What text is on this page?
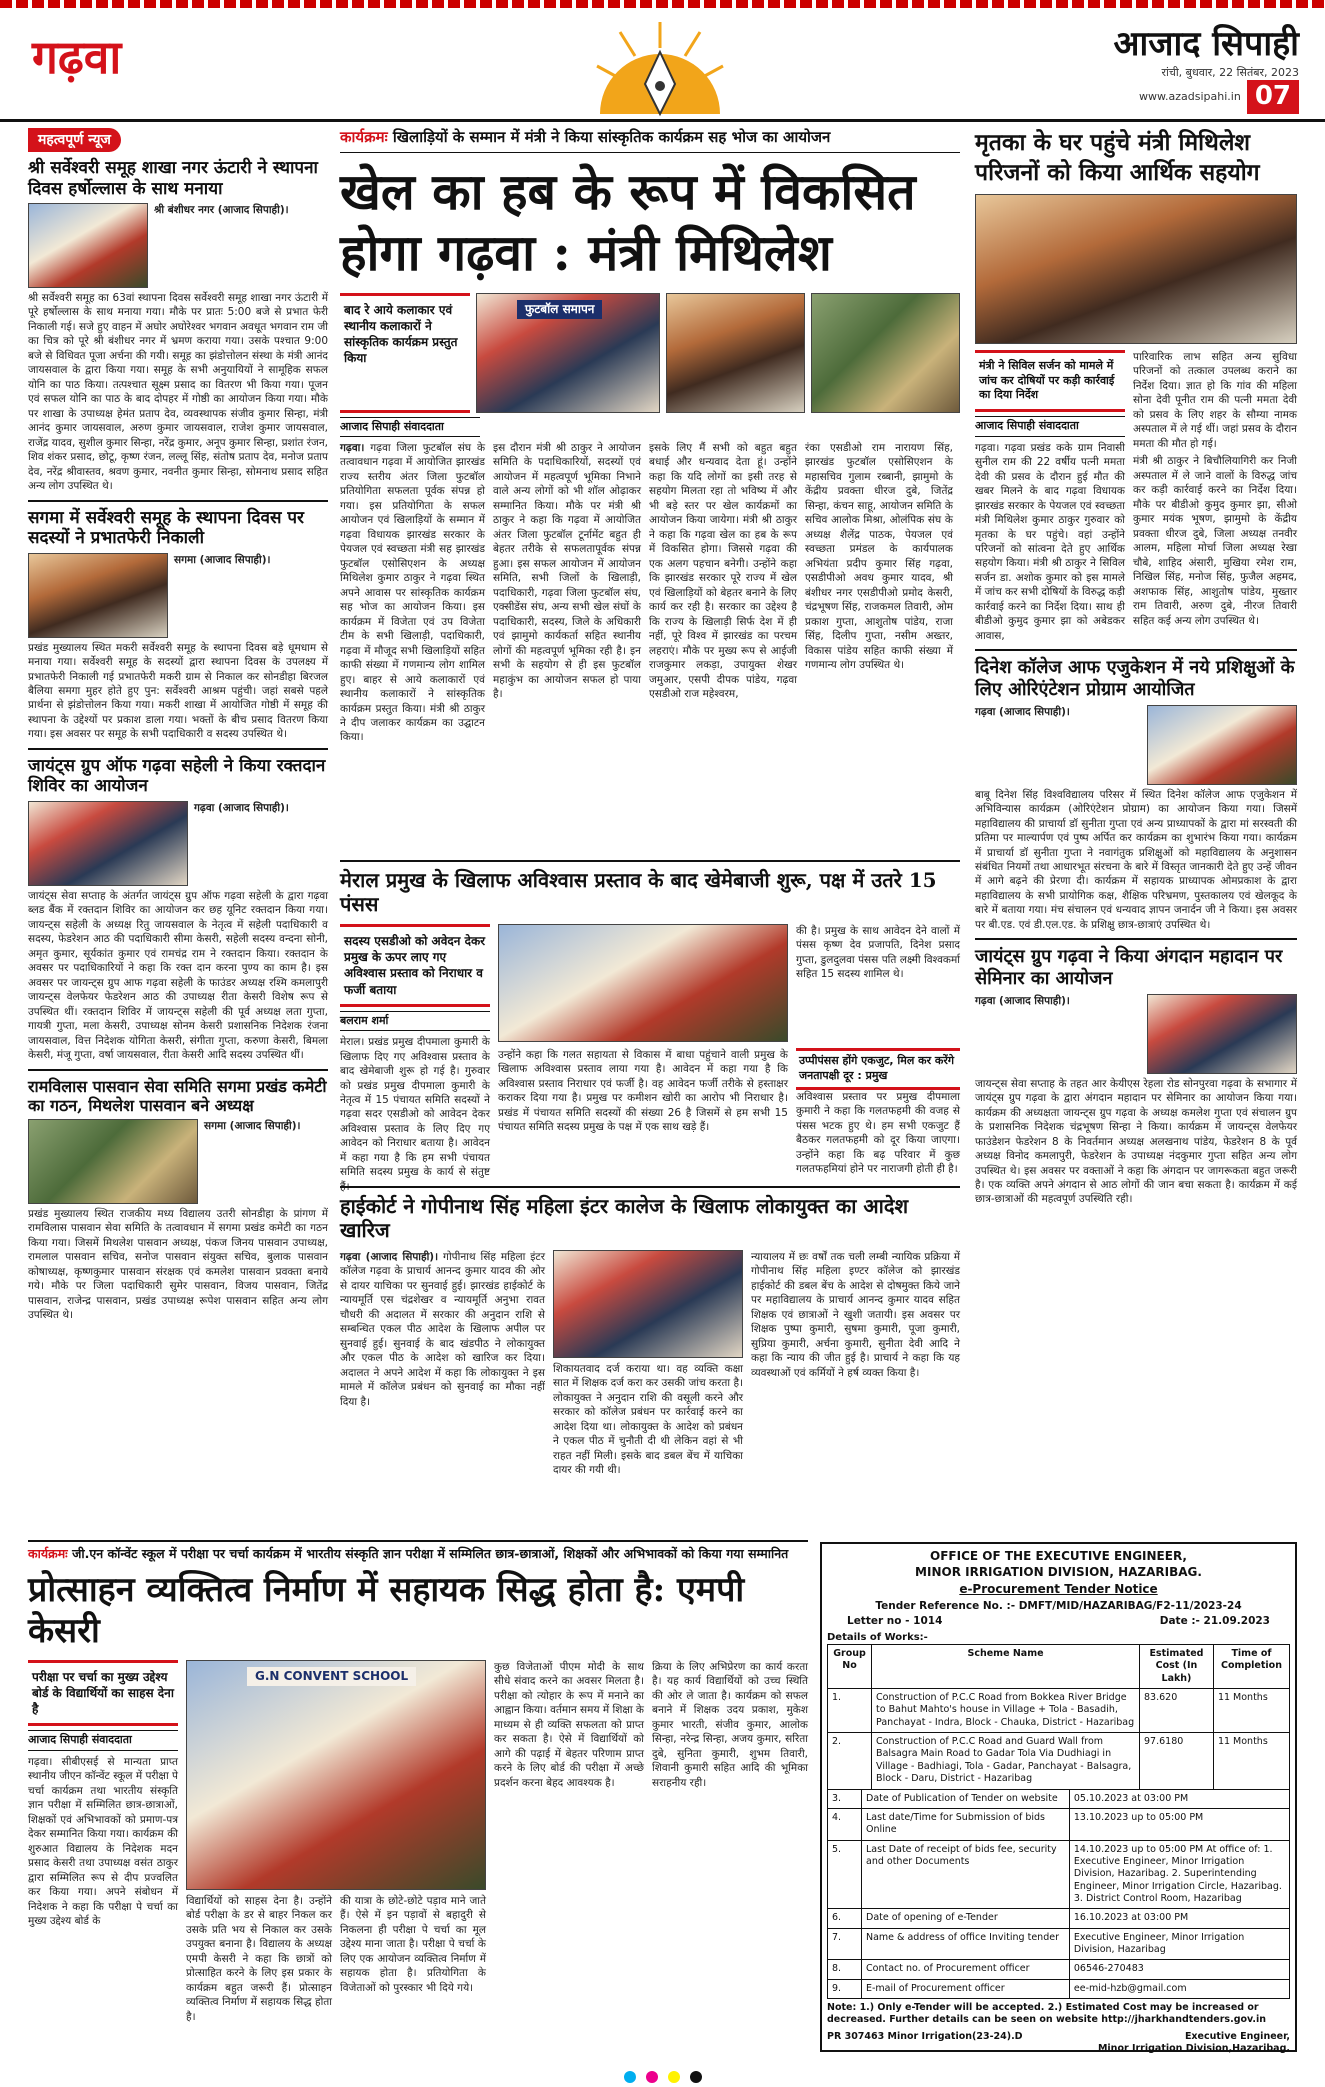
गढ़वा	आजाद सिपाही
रांची, बुधवार, 22 सितंबर, 2023
www.azadsipahi.in 07
महत्वपूर्ण न्यूज
श्री सर्वेश्वरी समूह शाखा नगर ऊंटारी ने स्थापना दिवस हर्षोल्लास के साथ मनाया
श्री बंशीधर नगर (आजाद सिपाही)।
श्री सर्वेश्वरी समूह का 63वां स्थापना दिवस सर्वेश्वरी समूह शाखा नगर ऊंटारी में पूरे हर्षोल्लास के साथ मनाया गया। मौके पर प्रातः 5:00 बजे से प्रभात फेरी निकाली गई। सजे हुए वाहन में अघोर अघोरेश्वर भगवान अवधूत भगवान राम जी का चित्र को पूरे श्री बंशीधर नगर में भ्रमण कराया गया। उसके पश्चात 9:00 बजे से विधिवत पूजा अर्चना की गयी। समूह का झंडोत्तोलन संस्था के मंत्री आनंद जायसवाल के द्वारा किया गया। समूह के सभी अनुयायियों ने सामूहिक सफल योनि का पाठ किया। तत्पश्चात सूक्ष्म प्रसाद का वितरण भी किया गया। पूजन एवं सफल योनि का पाठ के बाद दोपहर में गोष्ठी का आयोजन किया गया। मौके पर शाखा के उपाध्यक्ष हेमंत प्रताप देव, व्यवस्थापक संजीव कुमार सिन्हा, मंत्री आनंद कुमार जायसवाल, अरुण कुमार जायसवाल, राजेश कुमार जायसवाल, राजेंद्र यादव, सुशील कुमार सिन्हा, नरेंद्र कुमार, अनूप कुमार सिन्हा, प्रशांत रंजन, शिव शंकर प्रसाद, छोटू, कृष्ण रंजन, लल्लू सिंह, संतोष प्रताप देव, मनोज प्रताप देव, नरेंद्र श्रीवास्तव, श्रवण कुमार, नवनीत कुमार सिन्हा, सोमनाथ प्रसाद सहित अन्य लोग उपस्थित थे।
सगमा में सर्वेश्वरी समूह के स्थापना दिवस पर सदस्यों ने प्रभातफेरी निकाली
सगमा (आजाद सिपाही)।
प्रखंड मुख्यालय स्थित मकरी सर्वेश्वरी समूह के स्थापना दिवस बड़े धूमधाम से मनाया गया। सर्वेश्वरी समूह के सदस्यों द्वारा स्थापना दिवस के उपलक्ष्य में प्रभातफेरी निकाली गई प्रभातफेरी मकरी ग्राम से निकाल कर सोनडीहा बिरजल बैलिया समगा मुहर होते हुए पुन: सर्वेश्वरी आश्रम पहुंची। जहां सबसे पहले प्रार्थना से झंडोत्तोलन किया गया। मकरी शाखा में आयोजित गोष्ठी में समूह की स्थापना के उद्देश्यों पर प्रकाश डाला गया। भक्तों के बीच प्रसाद वितरण किया गया। इस अवसर पर समूह के सभी पदाधिकारी व सदस्य उपस्थित थे।
जायंट्स ग्रुप ऑफ गढ़वा सहेली ने किया रक्तदान शिविर का आयोजन
गढ़वा (आजाद सिपाही)।
जायंट्स सेवा सप्ताह के अंतर्गत जायंट्स ग्रुप ऑफ गढ़वा सहेली के द्वारा गढ़वा ब्लड बैंक में रक्तदान शिविर का आयोजन कर छह यूनिट रक्तदान किया गया। जायन्ट्स सहेली के अध्यक्ष रितु जायसवाल के नेतृत्व में सहेली पदाधिकारी व सदस्य, फेडरेशन आठ की पदाधिकारी सीमा केसरी, सहेली सदस्य वन्दना सोनी, अमृत कुमार, सूर्यकांत कुमार एवं रामचंद्र राम ने रक्तदान किया। रक्तदान के अवसर पर पदाधिकारियों ने कहा कि रक्त दान करना पुण्य का काम है। इस अवसर पर जायन्ट्स ग्रुप आफ गढ़वा सहेली के फाउंडर अध्यक्ष रश्मि कमलापुरी जायन्ट्स वेलफेयर फेडरेशन आठ की उपाध्यक्ष रीता केसरी विशेष रूप से उपस्थित थीं। रक्तदान शिविर में जायन्ट्स सहेली की पूर्व अध्यक्ष लता गुप्ता, गायत्री गुप्ता, मला केसरी, उपाध्यक्ष सोनम केसरी प्रशासनिक निदेशक रंजना जायसवाल, वित्त निदेशक योगिता केसरी, संगीता गुप्ता, करुणा केसरी, बिमला केसरी, मंजू गुप्ता, वर्षा जायसवाल, रीता केसरी आदि सदस्य उपस्थित थीं।
रामविलास पासवान सेवा समिति सगमा प्रखंड कमेटी का गठन, मिथलेश पासवान बने अध्यक्ष
सगमा (आजाद सिपाही)।
प्रखंड मुख्यालय स्थित राजकीय मध्य विद्यालय उतरी सोनडीहा के प्रांगण में रामविलास पासवान सेवा समिति के तत्वावधान में सगमा प्रखंड कमेटी का गठन किया गया। जिसमें मिथलेश पासवान अध्यक्ष, पंकज जिनय पासवान उपाध्यक्ष, रामलाल पासवान सचिव, सनोज पासवान संयुक्त सचिव, बुलाक पासवान कोषाध्यक्ष, कृष्णकुमार पासवान संरक्षक एवं कमलेश पासवान प्रवक्ता बनाये गये। मौके पर जिला पदाधिकारी सुमेर पासवान, विजय पासवान, जितेंद्र पासवान, राजेन्द्र पासवान, प्रखंड उपाध्यक्ष रूपेश पासवान सहित अन्य लोग उपस्थित थे।
कार्यक्रमः खिलाड़ियों के सम्मान में मंत्री ने किया सांस्कृतिक कार्यक्रम सह भोज का आयोजन
खेल का हब के रूप में विकसित होगा गढ़वा : मंत्री मिथिलेश
बाद रे आये कलाकार एवं स्थानीय कलाकारों ने सांस्कृतिक कार्यक्रम प्रस्तुत किया
फुटबॉल समापन
आजाद सिपाही संवाददाता
गढ़वा। गढ़वा जिला फुटबॉल संघ के तत्वावधान गढ़वा में आयोजित झारखंड राज्य स्तरीय अंतर जिला फुटबॉल प्रतियोगिता सफलता पूर्वक संपन्न हो गया। इस प्रतियोगिता के सफल आयोजन एवं खिलाड़ियों के सम्मान में गढ़वा विधायक झारखंड सरकार के पेयजल एवं स्वच्छता मंत्री सह झारखंड फुटबॉल एसोसिएशन के अध्यक्ष मिथिलेश कुमार ठाकुर ने गढ़वा स्थित अपने आवास पर सांस्कृतिक कार्यक्रम सह भोज का आयोजन किया। इस कार्यक्रम में विजेता एवं उप विजेता टीम के सभी खिलाड़ी, पदाधिकारी, गढ़वा में मौजूद सभी खिलाड़ियों सहित काफी संख्या में गणमान्य लोग शामिल हुए। बाहर से आये कलाकारों एवं स्थानीय कलाकारों ने सांस्कृतिक कार्यक्रम प्रस्तुत किया। मंत्री श्री ठाकुर ने दीप जलाकर कार्यक्रम का उद्घाटन किया।
इस दौरान मंत्री श्री ठाकुर ने आयोजन समिति के पदाधिकारियों, सदस्यों एवं आयोजन में महत्वपूर्ण भूमिका निभाने वाले अन्य लोगों को भी शॉल ओढ़ाकर सम्मानित किया। मौके पर मंत्री श्री ठाकुर ने कहा कि गढ़वा में आयोजित अंतर जिला फुटबॉल टूर्नामेंट बहुत ही बेहतर तरीके से सफलतापूर्वक संपन्न हुआ। इस सफल आयोजन में आयोजन समिति, सभी जिलों के खिलाड़ी, पदाधिकारी, गढ़वा जिला फुटबॉल संघ, एक्सीडेंस संघ, अन्य सभी खेल संघों के पदाधिकारी, सदस्य, जिले के अधिकारी एवं झामुमो कार्यकर्ता सहित स्थानीय लोगों की महत्वपूर्ण भूमिका रही है। इन सभी के सहयोग से ही इस फुटबॉल महाकुंभ का आयोजन सफल हो पाया है।
इसके लिए मैं सभी को बहुत बहुत बधाई और धन्यवाद देता हूं। उन्होंने कहा कि यदि लोगों का इसी तरह से सहयोग मिलता रहा तो भविष्य में और भी बड़े स्तर पर खेल कार्यक्रमों का आयोजन किया जायेगा। मंत्री श्री ठाकुर ने कहा कि गढ़वा खेल का हब के रूप में विकसित होगा। जिससे गढ़वा की एक अलग पहचान बनेगी। उन्होंने कहा कि झारखंड सरकार पूरे राज्य में खेल एवं खिलाड़ियों को बेहतर बनाने के लिए कार्य कर रही है। सरकार का उद्देश्य है कि राज्य के खिलाड़ी सिर्फ देश में ही नहीं, पूरे विश्व में झारखंड का परचम लहराएं। मौके पर मुख्य रूप से आईजी राजकुमार लकड़ा, उपायुक्त शेखर जमुआर, एसपी दीपक पांडेय, गढ़वा एसडीओ राज महेश्वरम,
रंका एसडीओ राम नारायण सिंह, झारखंड फुटबॉल एसोसिएशन के महासचिव गुलाम रब्बानी, झामुमो के केंद्रीय प्रवक्ता धीरज दुबे, जितेंद्र सिन्हा, कंचन साहू, आयोजन समिति के सचिव आलोक मिश्रा, ओलंपिक संघ के अध्यक्ष शैलेंद्र पाठक, पेयजल एवं स्वच्छता प्रमंडल के कार्यपालक अभियंता प्रदीप कुमार सिंह गढ़वा, एसडीपीओ अवध कुमार यादव, श्री बंशीधर नगर एसडीपीओ प्रमोद केसरी, चंद्रभूषण सिंह, राजकमल तिवारी, ओम प्रकाश गुप्ता, आशुतोष पांडेय, राजा सिंह, दिलीप गुप्ता, नसीम अख्तर, विकास पांडेय सहित काफी संख्या में गणमान्य लोग उपस्थित थे।
मृतका के घर पहुंचे मंत्री मिथिलेश परिजनों को किया आर्थिक सहयोग
मंत्री ने सिविल सर्जन को मामले में जांच कर दोषियों पर कड़ी कार्रवाई का दिया निर्देश
आजाद सिपाही संवाददाता
गढ़वा। गढ़वा प्रखंड कके ग्राम निवासी सुनील राम की 22 वर्षीय पत्नी ममता देवी की प्रसव के दौरान हुई मौत की खबर मिलने के बाद गढ़वा विधायक झारखंड सरकार के पेयजल एवं स्वच्छता मंत्री मिथिलेश कुमार ठाकुर गुरुवार को मृतका के घर पहुंचे। वहां उन्होंने परिजनों को सांत्वना देते हुए आर्थिक सहयोग किया। मंत्री श्री ठाकुर ने सिविल सर्जन डा. अशोक कुमार को इस मामले में जांच कर सभी दोषियों के विरुद्ध कड़ी कार्रवाई करने का निर्देश दिया। साथ ही बीडीओ कुमुद कुमार झा को अबेडकर आवास,
पारिवारिक लाभ सहित अन्य सुविधा परिजनों को तत्काल उपलब्ध कराने का निर्देश दिया। ज्ञात हो कि गांव की महिला सोना देवी पूनीत राम की पत्नी ममता देवी को प्रसव के लिए शहर के सौम्या नामक अस्पताल में ले गई थीं। जहां प्रसव के दौरान ममता की मौत हो गई।
मंत्री श्री ठाकुर ने बिचौलियागिरी कर निजी अस्पताल में ले जाने वालों के विरुद्ध जांच कर कड़ी कार्रवाई करने का निर्देश दिया। मौके पर बीडीओ कुमुद कुमार झा, सीओ कुमार मयंक भूषण, झामुमो के केंद्रीय प्रवक्ता धीरज दुबे, जिला अध्यक्ष तनवीर आलम, महिला मोर्चा जिला अध्यक्ष रेखा चौबे, शाहिद अंसारी, मुखिया रमेश राम, निखिल सिंह, मनोज सिंह, फुजैल अहमद, अशफाक सिंह, आशुतोष पांडेय, मुख्तार राम तिवारी, अरुण दुबे, नीरज तिवारी सहित कई अन्य लोग उपस्थित थे।
दिनेश कॉलेज आफ एजुकेशन में नये प्रशिक्षुओं के लिए ओरिएंटेशन प्रोग्राम आयोजित
गढ़वा (आजाद सिपाही)।
बाबू दिनेश सिंह विश्वविद्यालय परिसर में स्थित दिनेश कॉलेज आफ एजुकेशन में अभिविन्यास कार्यक्रम (ओरिएंटेशन प्रोग्राम) का आयोजन किया गया। जिसमें महाविद्यालय की प्राचार्या डॉ सुनीता गुप्ता एवं अन्य प्राध्यापकों के द्वारा मां सरस्वती की प्रतिमा पर माल्यार्पण एवं पुष्प अर्पित कर कार्यक्रम का शुभारंभ किया गया। कार्यक्रम में प्राचार्या डॉ सुनीता गुप्ता ने नवागंतुक प्रशिक्षुओं को महाविद्यालय के अनुशासन संबंधित नियमों तथा आधारभूत संरचना के बारे में विस्तृत जानकारी देते हुए उन्हें जीवन में आगे बढ़ने की प्रेरणा दी। कार्यक्रम में सहायक प्राध्यापक ओमप्रकाश के द्वारा महाविद्यालय के सभी प्रायोगिक कक्ष, शैक्षिक परिभ्रमण, पुस्तकालय एवं खेलकूद के बारे में बताया गया। मंच संचालन एवं धन्यवाद ज्ञापन जनार्दन जी ने किया। इस अवसर पर बी.एड. एवं डी.एल.एड. के प्रशिक्षु छात्र-छात्राएं उपस्थित थे।
जायंट्स ग्रुप गढ़वा ने किया अंगदान महादान पर सेमिनार का आयोजन
गढ़वा (आजाद सिपाही)।
जायन्ट्स सेवा सप्ताह के तहत आर केयीएस रेहला रोड सोनपुरवा गढ़वा के सभागार में जायंट्स ग्रुप गढ़वा के द्वारा अंगदान महादान पर सेमिनार का आयोजन किया गया। कार्यक्रम की अध्यक्षता जायन्ट्स ग्रुप गढ़वा के अध्यक्ष कमलेश गुप्ता एवं संचालन ग्रुप के प्रशासनिक निदेशक चंद्रभूषण सिन्हा ने किया। कार्यक्रम में जायन्ट्स वेलफेयर फाउंडेशन फेडरेशन 8 के निवर्तमान अध्यक्ष अलखनाथ पांडेय, फेडरेशन 8 के पूर्व अध्यक्ष विनोद कमलापुरी, फेडरेशन के उपाध्यक्ष नंदकुमार गुप्ता सहित अन्य लोग उपस्थित थे। इस अवसर पर वक्ताओं ने कहा कि अंगदान पर जागरूकता बहुत जरूरी है। एक व्यक्ति अपने अंगदान से आठ लोगों की जान बचा सकता है। कार्यक्रम में कई छात्र-छात्राओं की महत्वपूर्ण उपस्थिति रही।
मेराल प्रमुख के खिलाफ अविश्वास प्रस्ताव के बाद खेमेबाजी शुरू, पक्ष में उतरे 15 पंसस
सदस्य एसडीओ को अवेदन देकर प्रमुख के ऊपर लाए गए अविश्वास प्रस्ताव को निराधार व फर्जी बताया
बलराम शर्मा
मेराल। प्रखंड प्रमुख दीपमाला कुमारी के खिलाफ दिए गए अविश्वास प्रस्ताव के बाद खेमेबाजी शुरू हो गई है। गुरुवार को प्रखंड प्रमुख दीपमाला कुमारी के नेतृत्व में 15 पंचायत समिति सदस्यों ने गढ़वा सदर एसडीओ को आवेदन देकर अविश्वास प्रस्ताव के लिए दिए गए आवेदन को निराधार बताया है। आवेदन में कहा गया है कि हम सभी पंचायत समिति सदस्य प्रमुख के कार्य से संतुष्ट हैं।
की है। प्रमुख के साथ आवेदन देने वालों में पंसस कृष्ण देव प्रजापति, दिनेश प्रसाद गुप्ता, डुलदुलवा पंसस पति लक्ष्मी विश्वकर्मा सहित 15 सदस्य शामिल थे।
उन्होंने कहा कि गलत सहायता से विकास में बाधा पहुंचाने वाली प्रमुख के खिलाफ अविश्वास प्रस्ताव लाया गया है। आवेदन में कहा गया है कि अविश्वास प्रस्ताव निराधार एवं फर्जी है। वह आवेदन फर्जी तरीके से हस्ताक्षर कराकर दिया गया है। प्रमुख पर कमीशन खोरी का आरोप भी निराधार है। प्रखंड में पंचायत समिति सदस्यों की संख्या 26 है जिसमें से हम सभी 15 पंचायत समिति सदस्य प्रमुख के पक्ष में एक साथ खड़े हैं।
उप्पीपंसस होंगे एकजुट, मिल कर करेंगे जनतापक्षी दूर : प्रमुख
अविश्वास प्रस्ताव पर प्रमुख दीपमाला कुमारी ने कहा कि गलतफहमी की वजह से पंसस भटक हुए थे। हम सभी एकजुट हैं बैठकर गलतफहमी को दूर किया जाएगा। उन्होंने कहा कि बढ़ परिवार में कुछ गलतफहमियां होने पर नाराजगी होती ही है।
हाईकोर्ट ने गोपीनाथ सिंह महिला इंटर कालेज के खिलाफ लोकायुक्त का आदेश खारिज
गढ़वा (आजाद सिपाही)। गोपीनाथ सिंह महिला इंटर कॉलेज गढ़वा के प्राचार्य आनन्द कुमार यादव की ओर से दायर याचिका पर सुनवाई हुई। झारखंड हाईकोर्ट के न्यायमूर्ति एस चंद्रशेखर व न्यायमूर्ति अनुभा रावत चौधरी की अदालत में सरकार की अनुदान राशि से सम्बन्धित एकल पीठ आदेश के खिलाफ अपील पर सुनवाई हुई। सुनवाई के बाद खंडपीठ ने लोकायुक्त और एकल पीठ के आदेश को खारिज कर दिया। अदालत ने अपने आदेश में कहा कि लोकायुक्त ने इस मामले में कॉलेज प्रबंधन को सुनवाई का मौका नहीं दिया है।
शिकायतवाद दर्ज कराया था। वह व्यक्ति कक्षा सात में शिक्षक दर्ज करा कर उसकी जांच करता है। लोकायुक्त ने अनुदान राशि की वसूली करने और सरकार को कॉलेज प्रबंधन पर कार्रवाई करने का आदेश दिया था। लोकायुक्त के आदेश को प्रबंधन ने एकल पीठ में चुनौती दी थी लेकिन वहां से भी राहत नहीं मिली। इसके बाद डबल बेंच में याचिका दायर की गयी थी।
न्यायालय में छः वर्षों तक चली लम्बी न्यायिक प्रक्रिया में गोपीनाथ सिंह महिला इण्टर कॉलेज को झारखंड हाईकोर्ट की डबल बेंच के आदेश से दोषमुक्त किये जाने पर महाविद्यालय के प्राचार्य आनन्द कुमार यादव सहित शिक्षक एवं छात्राओं ने खुशी जतायी। इस अवसर पर शिक्षक पुष्पा कुमारी, सुषमा कुमारी, पूजा कुमारी, सुप्रिया कुमारी, अर्चना कुमारी, सुनीता देवी आदि ने कहा कि न्याय की जीत हुई है। प्राचार्य ने कहा कि यह व्यवस्थाओं एवं कर्मियों ने हर्ष व्यक्त किया है।
कार्यक्रमः जी.एन कॉन्वेंट स्कूल में परीक्षा पर चर्चा कार्यक्रम में भारतीय संस्कृति ज्ञान परीक्षा में सम्मिलित छात्र-छात्राओं, शिक्षकों और अभिभावकों को किया गया सम्मानित
प्रोत्साहन व्यक्तित्व निर्माण में सहायक सिद्ध होता है: एमपी केसरी
परीक्षा पर चर्चा का मुख्य उद्देश्य बोर्ड के विद्यार्थियों का साहस देना है
आजाद सिपाही संवाददाता
गढ़वा। सीबीएसई से मान्यता प्राप्त स्थानीय जीएन कॉन्वेंट स्कूल में परीक्षा पे चर्चा कार्यक्रम तथा भारतीय संस्कृति ज्ञान परीक्षा में सम्मिलित छात्र-छात्राओं, शिक्षकों एवं अभिभावकों को प्रमाण-पत्र देकर सम्मानित किया गया। कार्यक्रम की शुरुआत विद्यालय के निदेशक मदन प्रसाद केसरी तथा उपाध्यक्ष वसंत ठाकुर द्वारा सम्मिलित रूप से दीप प्रज्वलित कर किया गया। अपने संबोधन में निदेशक ने कहा कि परीक्षा पे चर्चा का मुख्य उद्देश्य बोर्ड के
G.N CONVENT SCHOOL
विद्यार्थियों को साहस देना है। उन्होंने बोर्ड परीक्षा के डर से बाहर निकल कर उसके प्रति भय से निकाल कर उसके उपयुक्त बनाना है। विद्यालय के अध्यक्ष एमपी केसरी ने कहा कि छात्रों को प्रोत्साहित करने के लिए इस प्रकार के कार्यक्रम बहुत जरूरी हैं। प्रोत्साहन व्यक्तित्व निर्माण में सहायक सिद्ध होता है।
की यात्रा के छोटे-छोटे पड़ाव माने जाते हैं। ऐसे में इन पड़ावों से बहादुरी से निकलना ही परीक्षा पे चर्चा का मूल उद्देश्य माना जाता है। परीक्षा पे चर्चा के लिए एक आयोजन व्यक्तित्व निर्माण में सहायक होता है। प्रतियोगिता के विजेताओं को पुरस्कार भी दिये गये।
कुछ विजेताओं पीएम मोदी के साथ सीधे संवाद करने का अवसर मिलता है। परीक्षा को त्योहार के रूप में मनाने का आह्वान किया। वर्तमान समय में शिक्षा के माध्यम से ही व्यक्ति सफलता को प्राप्त कर सकता है। ऐसे में विद्यार्थियों को आगे की पढ़ाई में बेहतर परिणाम प्राप्त करने के लिए बोर्ड की परीक्षा में अच्छे प्रदर्शन करना बेहद आवश्यक है।
क्रिया के लिए अभिप्रेरण का कार्य करता है। यह कार्य विद्यार्थियों को उच्च स्थिति की ओर ले जाता है। कार्यक्रम को सफल बनाने में शिक्षक उदय प्रकाश, मुकेश कुमार भारती, संजीव कुमार, आलोक सिन्हा, नरेन्द्र सिन्हा, अजय कुमार, सरिता दुबे, सुनिता कुमारी, शुभम तिवारी, शिवानी कुमारी सहित आदि की भूमिका सराहनीय रही।
OFFICE OF THE EXECUTIVE ENGINEER,
MINOR IRRIGATION DIVISION, HAZARIBAG.
e-Procurement Tender Notice
Tender Reference No. :- DMFT/MID/HAZARIBAG/F2-11/2023-24
Letter no - 1014	Date :- 21.09.2023
Details of Works:-
Group No	Scheme Name	Estimated Cost (In Lakh)	Time of Completion
1.	Construction of P.C.C Road from Bokkea River Bridge to Bahut Mahto's house in Village + Tola - Basadih, Panchayat - Indra, Block - Chauka, District - Hazaribag	83.620	11 Months
2.	Construction of P.C.C Road and Guard Wall from Balsagra Main Road to Gadar Tola Via Dudhiagi in Village - Badhiagi, Tola - Gadar, Panchayat - Balsagra, Block - Daru, District - Hazaribag	97.6180	11 Months
3.	Date of Publication of Tender on website	05.10.2023 at 03:00 PM
4.	Last date/Time for Submission of bids Online	13.10.2023 up to 05:00 PM
5.	Last Date of receipt of bids fee, security and other Documents	14.10.2023 up to 05:00 PM At office of: 1. Executive Engineer, Minor Irrigation Division, Hazaribag. 2. Superintending Engineer, Minor Irrigation Circle, Hazaribag. 3. District Control Room, Hazaribag
6.	Date of opening of e-Tender	16.10.2023 at 03:00 PM
7.	Name & address of office Inviting tender	Executive Engineer, Minor Irrigation Division, Hazaribag
8.	Contact no. of Procurement officer	06546-270483
9.	E-mail of Procurement officer	ee-mid-hzb@gmail.com
Note: 1.) Only e-Tender will be accepted. 2.) Estimated Cost may be increased or decreased. Further details can be seen on website http://jharkhandtenders.gov.in
PR 307463 Minor Irrigation(23-24).D	Executive Engineer,
Minor Irrigation Division,Hazaribag.
